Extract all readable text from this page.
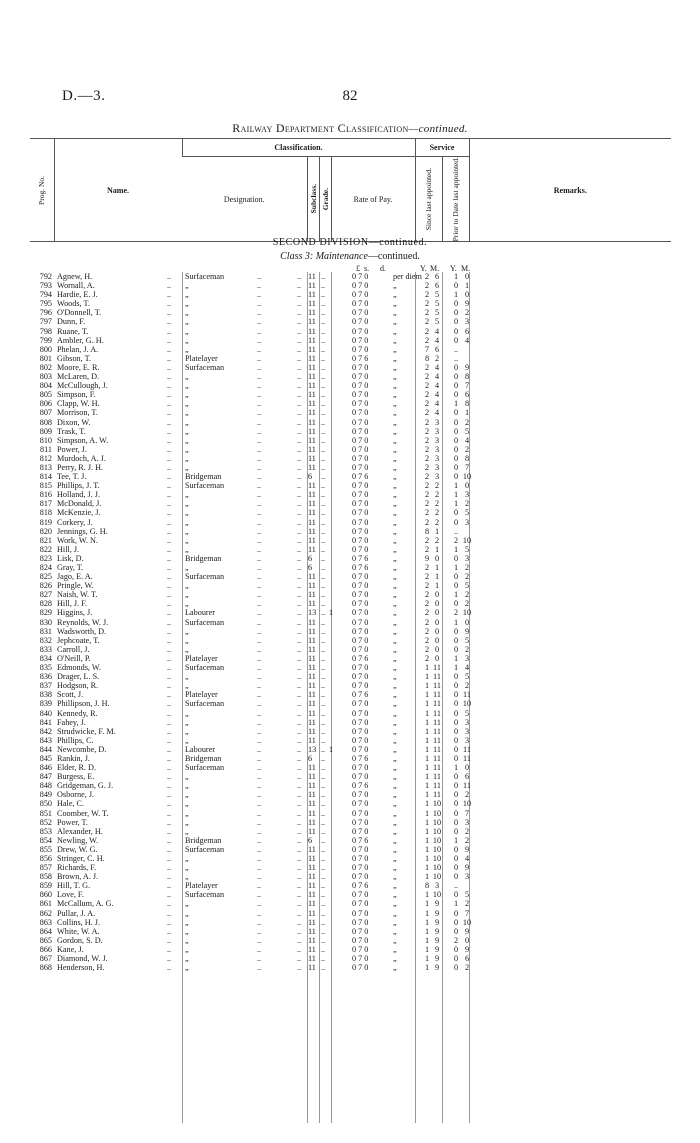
D.—3.	82
Railway Department Classification—continued.
Prog. No.	Name.	Classification.				Service		Remarks.
		Designation.	Subclass.	Grade.	Rate of Pay.	Since last appointed.	Prior to Date last appointed.	
SECOND DIVISION—continued.
Class 3: Maintenance—continued.
£ s. d.	Y. M. Y. M.
792 Agnew, H.	.. Surfaceman	..	.. 11 ..	0 7 0	per diem 2 6	1 0
793 Wornall, A.	.. „	..	.. 11 ..	0 7 0	„	2 6	0 1
794 Hardie, E. J.	.. „	..	.. 11 ..	0 7 0	„	2 5	1 0
795 Woods, T.	.. „	..	.. 11 ..	0 7 0	„	2 5	0 9
796 O'Donnell, T.	.. „	..	.. 11 ..	0 7 0	„	2 5	0 2
797 Dunn, F.	.. „	..	.. 11 ..	0 7 0	„	2 5	0 3
798 Ruane, T.	.. „	..	.. 11 ..	0 7 0	„	2 4	0 6
799 Ambler, G. H.	.. „	..	.. 11 ..	0 7 0	„	2 4	0 4
800 Phelan, J. A.	.. „	..	.. 11 ..	0 7 0	„	7 6	..
801 Gibson, T.	.. Platelayer	..	.. 11 ..	0 7 6	„	8 2	..
802 Moore, E. R.	.. Surfaceman	..	.. 11 ..	0 7 0	„	2 4	0 9
803 McLaren, D.	.. „	..	.. 11 ..	0 7 0	„	2 4	0 8
804 McCullough, J.	.. „	..	.. 11 ..	0 7 0	„	2 4	0 7
805 Simpson, F.	.. „	..	.. 11 ..	0 7 0	„	2 4	0 6
806 Clapp, W. H.	.. „	..	.. 11 ..	0 7 0	„	2 4	1 8
807 Morrison, T.	.. „	..	.. 11 ..	0 7 0	„	2 4	0 1
808 Dixon, W.	.. „	..	.. 11 ..	0 7 0	„	2 3	0 2
809 Trask, T.	.. „	..	.. 11 ..	0 7 0	„	2 3	0 5
810 Simpson, A. W.	.. „	..	.. 11 ..	0 7 0	„	2 3	0 4
811 Power, J.	.. „	..	.. 11 ..	0 7 0	„	2 3	0 2
812 Murdoch, A. J.	.. „	..	.. 11 ..	0 7 0	„	2 3	0 8
813 Perry, R. J. H.	.. „	..	.. 11 ..	0 7 0	„	2 3	0 7
814 Tee, T. J.	.. Bridgeman	..	.. 6	..	0 7 6	„	2 3	0 10
815 Phillips, J. T.	.. Surfaceman	..	.. 11 ..	0 7 0	„	2 2	1 0
816 Holland, J. J.	.. „	..	.. 11 ..	0 7 0	„	2 2	1 3
817 McDonald, J.	.. „	..	.. 11 ..	0 7 0	„	2 2	1 2
818 McKenzie, J.	.. „	..	.. 11 ..	0 7 0	„	2 2	0 5
819 Corkery, J.	.. „	..	.. 11 ..	0 7 0	„	2 2	0 3
820 Jennings, G. H.	.. „	..	.. 11 ..	0 7 0	„	8 1	..
821 Work, W. N.	.. „	..	.. 11 ..	0 7 0	„	2 2	2 10
822 Hill, J.	.. „	..	.. 11 ..	0 7 0	„	2 1	1 5
823 Lisk, D.	.. Bridgeman	..	.. 6	..	0 7 6	„	9 0	0 3
824 Gray, T.	.. „	..	.. 6	..	0 7 6	„	2 1	1 2
825 Jago, E. A.	.. Surfaceman	..	.. 11 ..	0 7 0	„	2 1	0 2
826 Pringle, W.	.. „	..	.. 11 ..	0 7 0	„	2 1	0 5
827 Naish, W. T.	.. „	..	.. 11 ..	0 7 0	„	2 0	1 2
828 Hill, J. F.	.. „	..	.. 11 ..	0 7 0	„	2 0	0 2
829 Higgins, J.	.. Labourer	..	.. 13 .. 1	0 7 0	„	2 0	2 10
830 Reynolds, W. J.	.. Surfaceman	..	.. 11 ..	0 7 0	„	2 0	1 0
831 Wadsworth, D.	.. „	..	.. 11 ..	0 7 0	„	2 0	0 9
832 Jephcoate, T.	.. „	..	.. 11 ..	0 7 0	„	2 0	0 5
833 Carroll, J.	.. „	..	.. 11 ..	0 7 0	„	2 0	0 2
834 O'Neill, P.	.. Platelayer	..	.. 11 ..	0 7 6	„	2 0	1 3
835 Edmonds, W.	.. Surfaceman	..	.. 11 ..	0 7 0	„	1 11	1 4
836 Drager, L. S.	.. „	..	.. 11 ..	0 7 0	„	1 11	0 5
837 Hodgson, R.	.. „	..	.. 11 ..	0 7 0	„	1 11	0 2
838 Scott, J.	.. Platelayer	..	.. 11 ..	0 7 6	„	1 11	0 11
839 Phillipson, J. H.	.. Surfaceman	..	.. 11 ..	0 7 0	„	1 11	0 10
840 Kennedy, R.	.. „	..	.. 11 ..	0 7 0	„	1 11	0 5
841 Fahey, J.	.. „	..	.. 11 ..	0 7 0	„	1 11	0 3
842 Strudwicke, F. M.	.. „	..	.. 11 ..	0 7 0	„	1 11	0 3
843 Phillips, C.	.. „	..	.. 11 ..	0 7 0	„	1 11	0 3
844 Newcombe, D.	.. Labourer	..	.. 13 .. 1	0 7 0	„	1 11	0 11
845 Rankin, J.	.. Bridgeman	..	.. 6	..	0 7 6	„	1 11	0 11
846 Elder, R. D.	.. Surfaceman	..	.. 11 ..	0 7 0	„	1 11	1 0
847 Burgess, E.	.. „	..	.. 11 ..	0 7 0	„	1 11	0 6
848 Gridgeman, G. J.	.. „	..	.. 11 ..	0 7 6	„	1 11	0 11
849 Osborne, J.	.. „	..	.. 11 ..	0 7 0	„	1 11	0 2
850 Hale, C.	.. „	..	.. 11 ..	0 7 0	„	1 10	0 10
851 Coomber, W. T.	.. „	..	.. 11 ..	0 7 0	„	1 10	0 7
852 Power, T.	.. „	..	.. 11 ..	0 7 0	„	1 10	0 3
853 Alexander, H.	.. „	..	.. 11 ..	0 7 0	„	1 10	0 2
854 Newling, W.	.. Bridgeman	..	.. 6	..	0 7 6	„	1 10	1 2
855 Drew, W. G.	.. Surfaceman	..	.. 11 ..	0 7 0	„	1 10	0 9
856 Stringer, C. H.	.. „	..	.. 11 ..	0 7 0	„	1 10	0 4
857 Richards, F.	.. „	..	.. 11 ..	0 7 0	„	1 10	0 9
858 Brown, A. J.	.. „	..	.. 11 ..	0 7 0	„	1 10	0 3
859 Hill, T. G.	.. Platelayer	..	.. 11 ..	0 7 6	„	8 3	..
860 Love, F.	.. Surfaceman	..	.. 11 ..	0 7 0	„	1 10	0 5
861 McCallum, A. G.	.. „	..	.. 11 ..	0 7 0	„	1 9	1 2
862 Pullar, J. A.	.. „	..	.. 11 ..	0 7 0	„	1 9	0 7
863 Collins, H. J.	.. „	..	.. 11 ..	0 7 0	„	1 9	0 10
864 White, W. A.	.. „	..	.. 11 ..	0 7 0	„	1 9	0 9
865 Gordon, S. D.	.. „	..	.. 11 ..	0 7 0	„	1 9	2 0
866 Kane, J.	.. „	..	.. 11 ..	0 7 0	„	1 9	0 9
867 Diamond, W. J.	.. „	..	.. 11 ..	0 7 0	„	1 9	0 6
868 Henderson, H.	.. „	..	.. 11 ..	0 7 0	„	1 9	0 2
